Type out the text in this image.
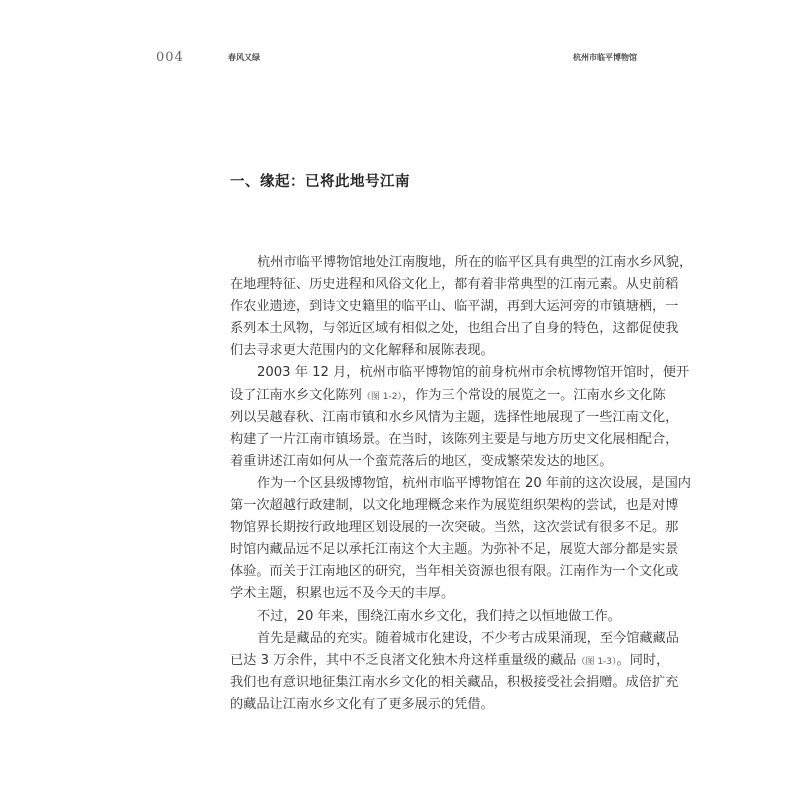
004	春风又绿	杭州市临平博物馆
一、缘起：已将此地号江南
杭州市临平博物馆地处江南腹地，所在的临平区具有典型的江南水乡风貌，
在地理特征、历史进程和风俗文化上，都有着非常典型的江南元素。从史前稻
作农业遗迹，到诗文史籍里的临平山、临平湖，再到大运河旁的市镇塘栖，一
系列本土风物，与邻近区域有相似之处，也组合出了自身的特色，这都促使我
们去寻求更大范围内的文化解释和展陈表现。
2003 年 12 月，杭州市临平博物馆的前身杭州市余杭博物馆开馆时，便开
设了江南水乡文化陈列（图 1-2），作为三个常设的展览之一。江南水乡文化陈
列以吴越春秋、江南市镇和水乡风情为主题，选择性地展现了一些江南文化，
构建了一片江南市镇场景。在当时，该陈列主要是与地方历史文化展相配合，
着重讲述江南如何从一个蛮荒落后的地区，变成繁荣发达的地区。
作为一个区县级博物馆，杭州市临平博物馆在 20 年前的这次设展，是国内
第一次超越行政建制，以文化地理概念来作为展览组织架构的尝试，也是对博
物馆界长期按行政地理区划设展的一次突破。当然，这次尝试有很多不足。那
时馆内藏品远不足以承托江南这个大主题。为弥补不足，展览大部分都是实景
体验。而关于江南地区的研究，当年相关资源也很有限。江南作为一个文化或
学术主题，积累也远不及今天的丰厚。
不过，20 年来，围绕江南水乡文化，我们持之以恒地做工作。
首先是藏品的充实。随着城市化建设，不少考古成果涌现，至今馆藏藏品
已达 3 万余件，其中不乏良渚文化独木舟这样重量级的藏品（图 1-3）。同时，
我们也有意识地征集江南水乡文化的相关藏品，积极接受社会捐赠。成倍扩充
的藏品让江南水乡文化有了更多展示的凭借。
